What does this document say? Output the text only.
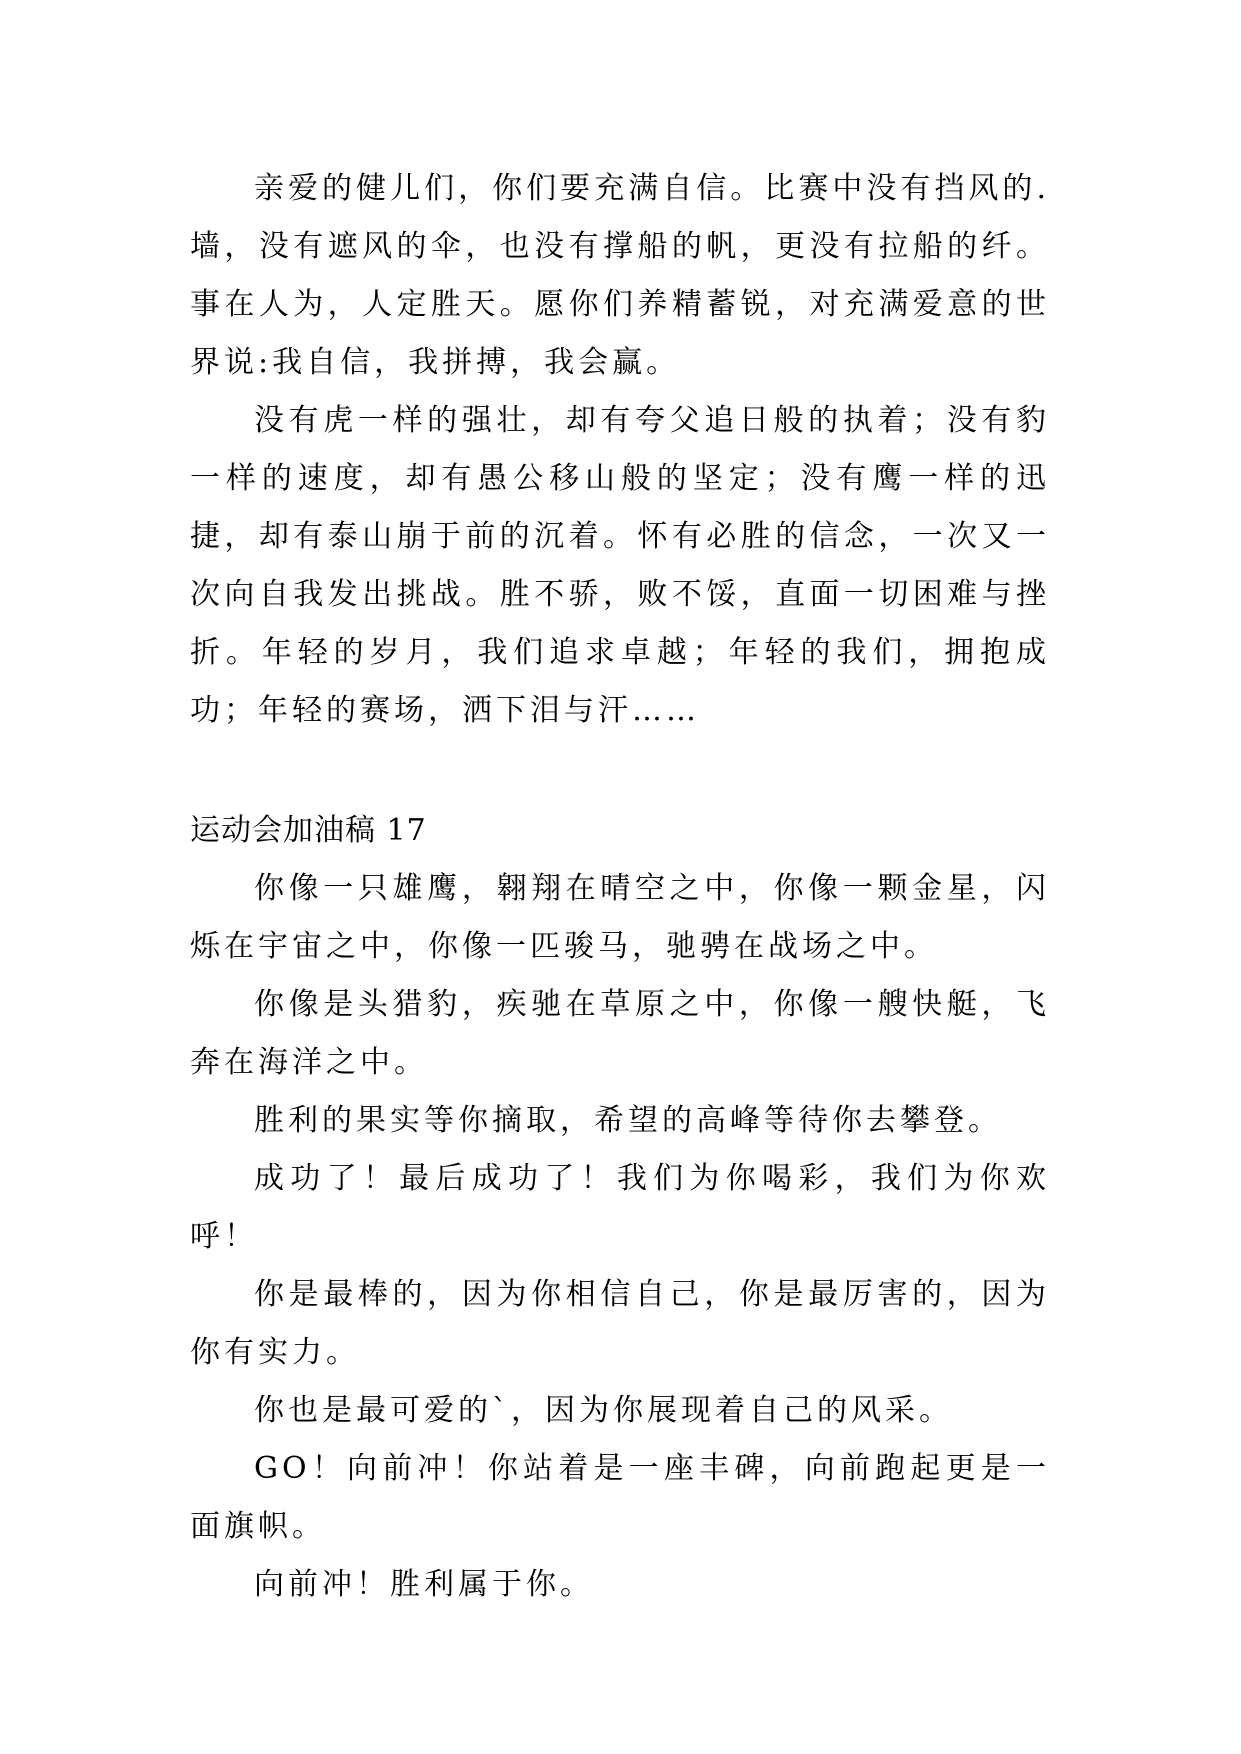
亲爱的健儿们，你们要充满自信。比赛中没有挡风的.墙，没有遮风的伞，也没有撑船的帆，更没有拉船的纤。事在人为，人定胜天。愿你们养精蓄锐，对充满爱意的世界说:我自信，我拼搏，我会赢。

没有虎一样的强壮，却有夸父追日般的执着；没有豹一样的速度，却有愚公移山般的坚定；没有鹰一样的迅捷，却有泰山崩于前的沉着。怀有必胜的信念，一次又一次向自我发出挑战。胜不骄，败不馁，直面一切困难与挫折。年轻的岁月，我们追求卓越；年轻的我们，拥抱成功；年轻的赛场，洒下泪与汗……

运动会加油稿 17

你像一只雄鹰，翱翔在晴空之中，你像一颗金星，闪烁在宇宙之中，你像一匹骏马，驰骋在战场之中。

你像是头猎豹，疾驰在草原之中，你像一艘快艇，飞奔在海洋之中。

胜利的果实等你摘取，希望的高峰等待你去攀登。

成功了！最后成功了！我们为你喝彩，我们为你欢呼！

你是最棒的，因为你相信自己，你是最厉害的，因为你有实力。

你也是最可爱的`，因为你展现着自己的风采。

GO！向前冲！你站着是一座丰碑，向前跑起更是一面旗帜。

向前冲！胜利属于你。
